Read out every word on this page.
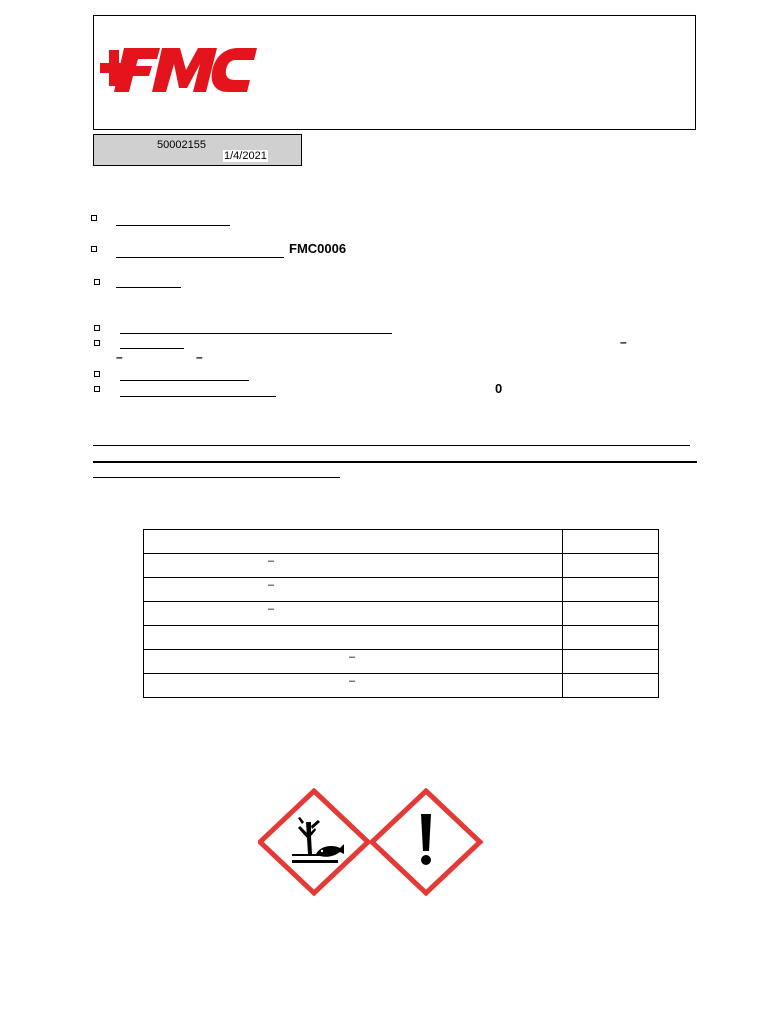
50002155
1/4/2021
FMC0006
–
–	–
0

–	

–	

–	

–	

–	
